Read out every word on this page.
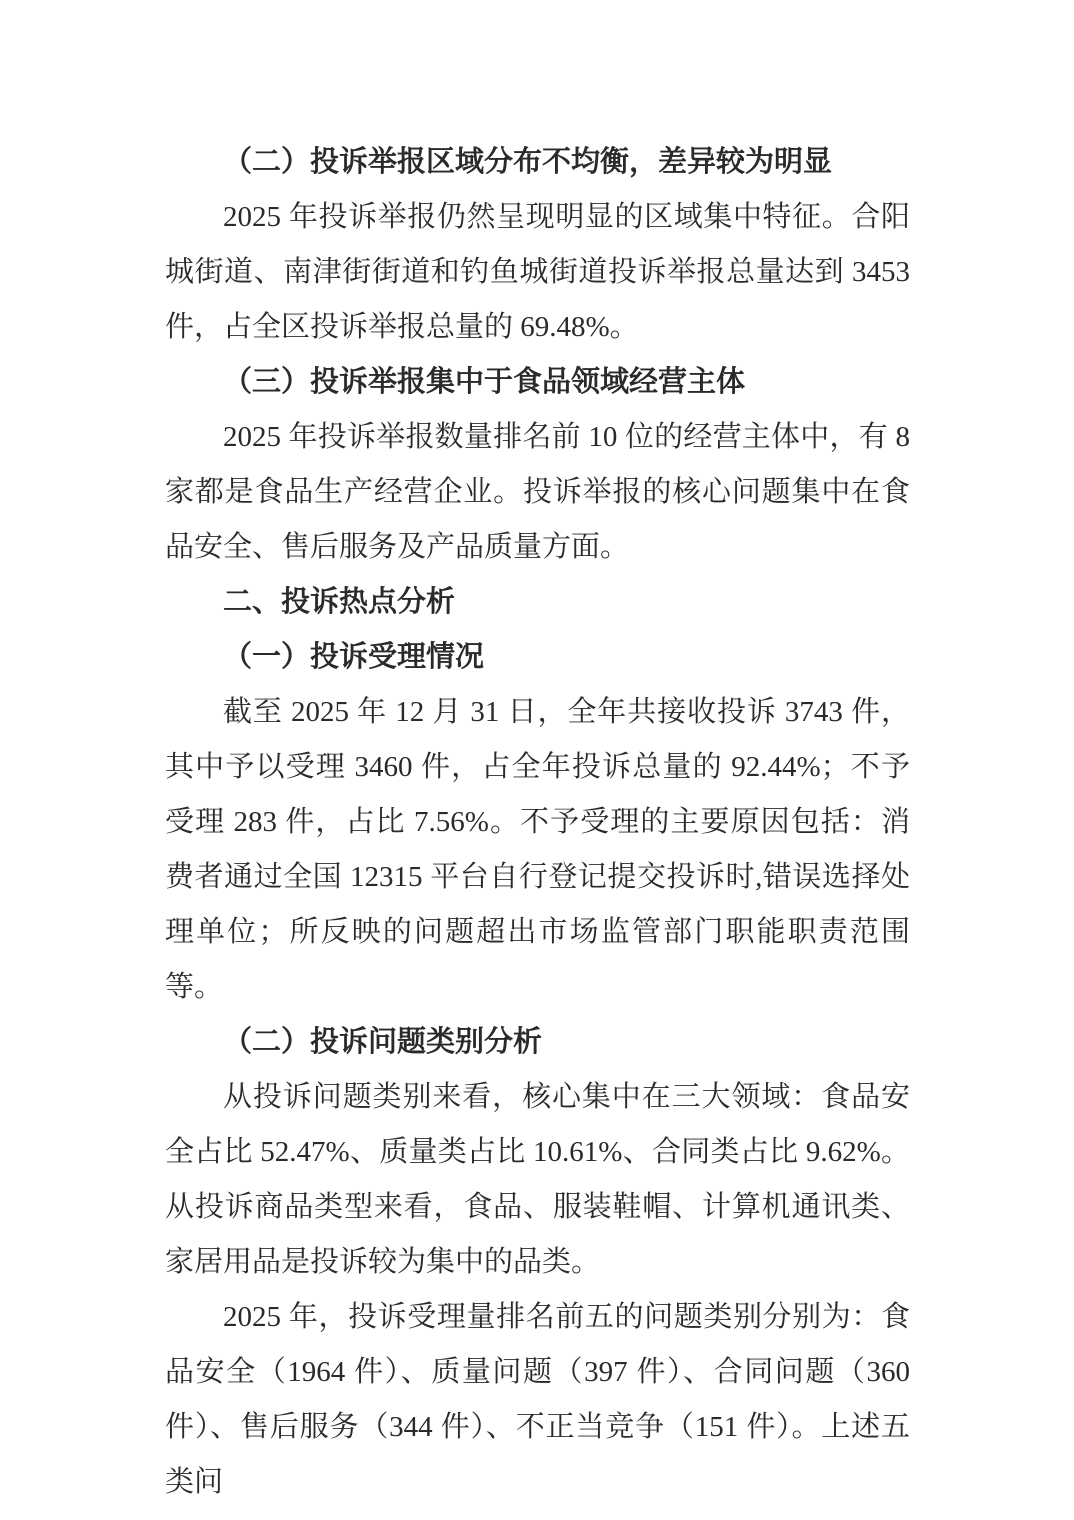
（二）投诉举报区域分布不均衡，差异较为明显

2025 年投诉举报仍然呈现明显的区域集中特征。合阳城街道、南津街街道和钓鱼城街道投诉举报总量达到 3453 件，占全区投诉举报总量的 69.48%。

（三）投诉举报集中于食品领域经营主体

2025 年投诉举报数量排名前 10 位的经营主体中，有 8 家都是食品生产经营企业。投诉举报的核心问题集中在食品安全、售后服务及产品质量方面。

二、投诉热点分析

（一）投诉受理情况

截至 2025 年 12 月 31 日，全年共接收投诉 3743 件，其中予以受理 3460 件，占全年投诉总量的 92.44%；不予受理 283 件，占比 7.56%。不予受理的主要原因包括：消费者通过全国 12315 平台自行登记提交投诉时,错误选择处理单位；所反映的问题超出市场监管部门职能职责范围等。

（二）投诉问题类别分析

从投诉问题类别来看，核心集中在三大领域：食品安全占比 52.47%、质量类占比 10.61%、合同类占比 9.62%。从投诉商品类型来看，食品、服装鞋帽、计算机通讯类、家居用品是投诉较为集中的品类。

2025 年，投诉受理量排名前五的问题类别分别为：食品安全（1964 件）、质量问题（397 件）、合同问题（360 件）、售后服务（344 件）、不正当竞争（151 件）。上述五类问
